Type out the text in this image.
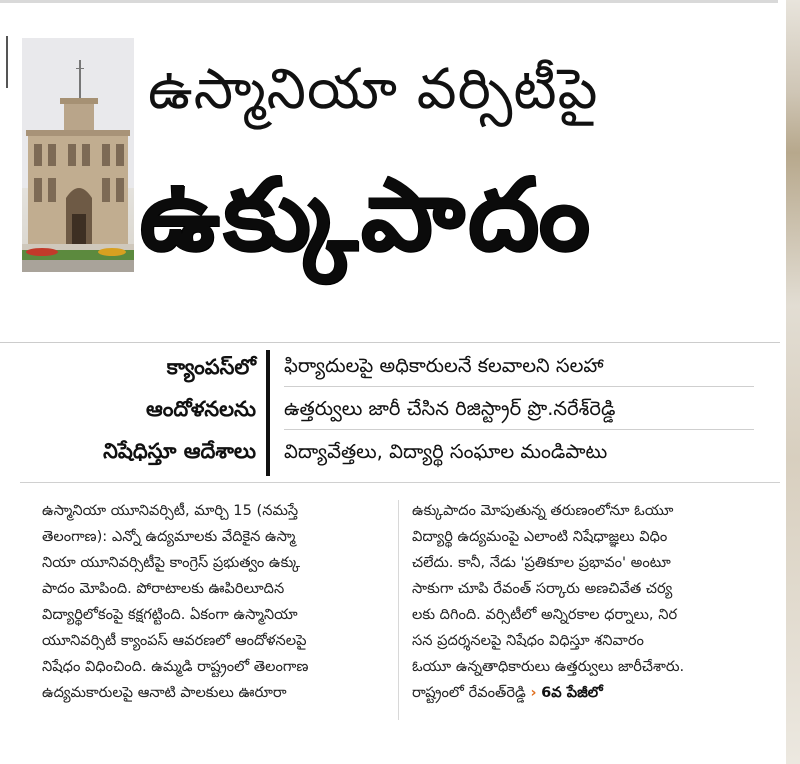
ఉస్మానియా వర్సిటీపై
ఉక్కుపాదం
క్యాంపస్‌లో
ఆందోళనలను
నిషేధిస్తూ ఆదేశాలు
ఫిర్యాదులపై అధికారులనే కలవాలని సలహా
ఉత్తర్వులు జారీ చేసిన రిజిస్ట్రార్ ప్రొ.నరేశ్‌రెడ్డి
విద్యావేత్తలు, విద్యార్థి సంఘాల మండిపాటు
ఉస్మానియా యూనివర్సిటీ, మార్చి 15 (నమస్తే
తెలంగాణ): ఎన్నో ఉద్యమాలకు వేదికైన ఉస్మా
నియా యూనివర్సిటీపై కాంగ్రెస్ ప్రభుత్వం ఉక్కు
పాదం మోపింది. పోరాటాలకు ఊపిరిలూదిన
విద్యార్థిలోకంపై కక్షగట్టింది. ఏకంగా ఉస్మానియా
యూనివర్సిటీ క్యాంపస్ ఆవరణలో ఆందోళనలపై
నిషేధం విధించింది. ఉమ్మడి రాష్ట్రంలో తెలంగాణ
ఉద్యమకారులపై ఆనాటి పాలకులు ఊరూరా
ఉక్కుపాదం మోపుతున్న తరుణంలోనూ ఓయూ
విద్యార్థి ఉద్యమంపై ఎలాంటి నిషేధాజ్ఞలు విధిం
చలేదు. కానీ, నేడు 'ప్రతికూల ప్రభావం' అంటూ
సాకుగా చూపి రేవంత్ సర్కారు అణచివేత చర్య
లకు దిగింది. వర్సిటీలో అన్నిరకాల ధర్నాలు, నిర
సన ప్రదర్శనలపై నిషేధం విధిస్తూ శనివారం
ఓయూ ఉన్నతాధికారులు ఉత్తర్వులు జారీచేశారు.
రాష్ట్రంలో రేవంత్‌రెడ్డి › 6వ పేజీలో
